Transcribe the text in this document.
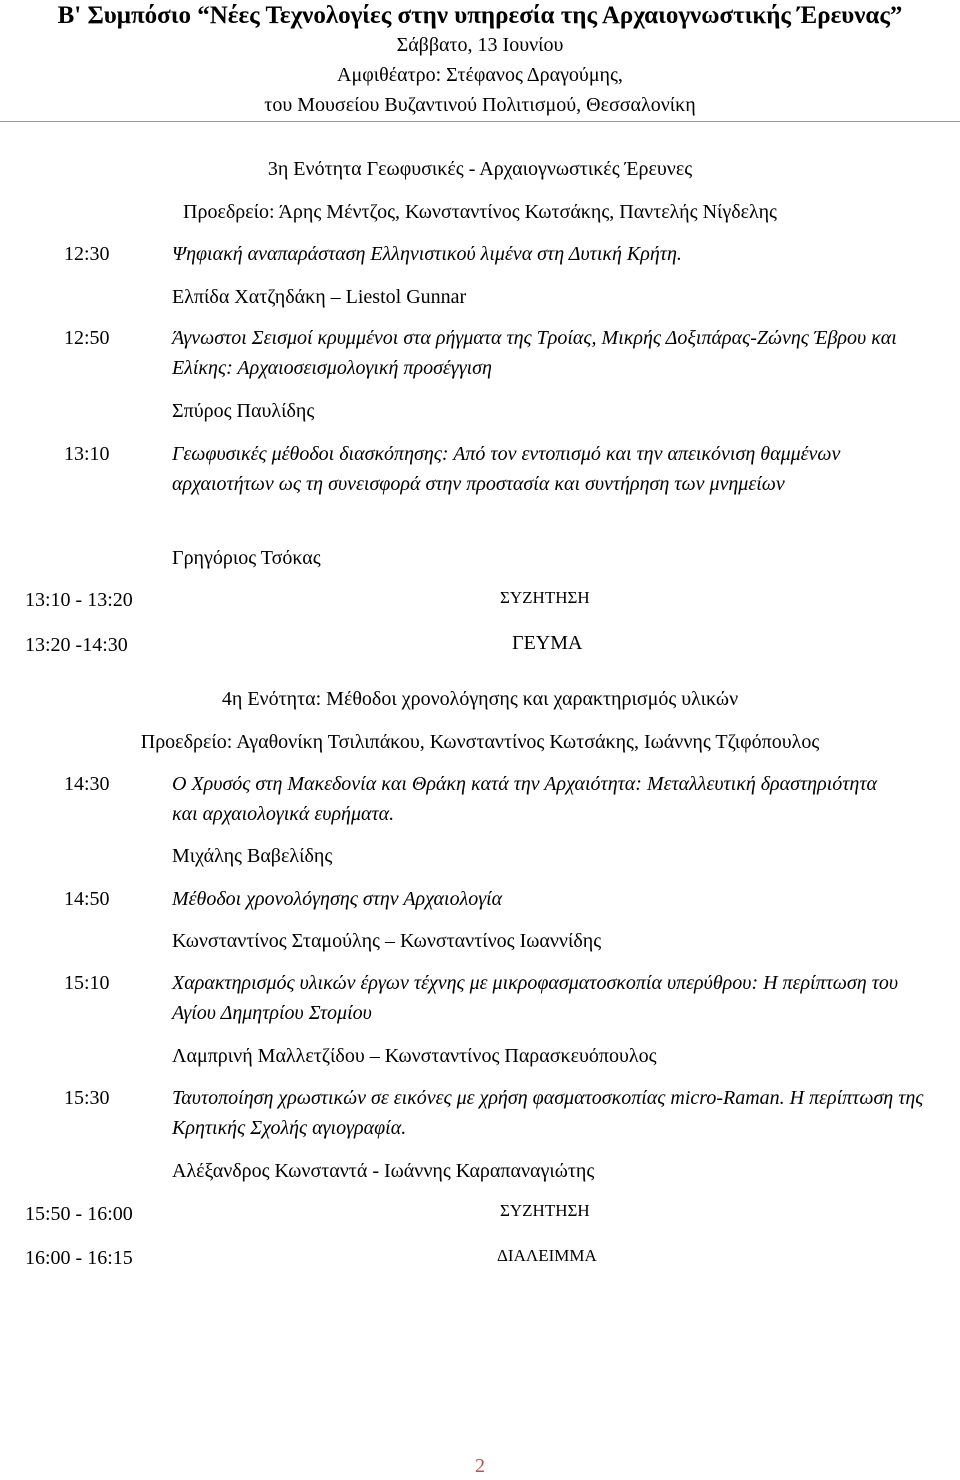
Β' Συμπόσιο “Νέες Τεχνολογίες στην υπηρεσία της Αρχαιογνωστικής Έρευνας”
Σάββατο, 13 Ιουνίου
Αμφιθέατρο: Στέφανος Δραγούμης,
του Μουσείου Βυζαντινού Πολιτισμού, Θεσσαλονίκη
3η Ενότητα Γεωφυσικές - Αρχαιογνωστικές Έρευνες
Προεδρείο: Άρης Μέντζος, Κωνσταντίνος Κωτσάκης, Παντελής Νίγδελης
12:30	Ψηφιακή αναπαράσταση Ελληνιστικού λιμένα στη Δυτική Κρήτη.
Ελπίδα Χατζηδάκη – Liestol Gunnar
12:50	Άγνωστοι Σεισμοί κρυμμένοι στα ρήγματα της Τροίας, Μικρής Δοξιπάρας-Ζώνης Έβρου και Ελίκης: Αρχαιοσεισμολογική προσέγγιση
Σπύρος Παυλίδης
13:10	Γεωφυσικές μέθοδοι διασκόπησης: Από τον εντοπισμό και την απεικόνιση θαμμένων αρχαιοτήτων ως τη συνεισφορά στην προστασία και συντήρηση των μνημείων
Γρηγόριος Τσόκας
13:10 - 13:20	ΣΥΖΗΤΗΣΗ
13:20 -14:30	ΓΕΥΜΑ
4η Ενότητα: Μέθοδοι χρονολόγησης και χαρακτηρισμός υλικών
Προεδρείο: Αγαθονίκη Τσιλιπάκου, Κωνσταντίνος Κωτσάκης, Ιωάννης Τζιφόπουλος
14:30	Ο Χρυσός στη Μακεδονία και Θράκη κατά την Αρχαιότητα: Μεταλλευτική δραστηριότητα και αρχαιολογικά ευρήματα.
Μιχάλης Βαβελίδης
14:50	Μέθοδοι χρονολόγησης στην Αρχαιολογία
Κωνσταντίνος Σταμούλης – Κωνσταντίνος Ιωαννίδης
15:10	Χαρακτηρισμός υλικών έργων τέχνης με μικροφασματοσκοπία υπερύθρου: Η περίπτωση του Αγίου Δημητρίου Στομίου
Λαμπρινή Μαλλετζίδου – Κωνσταντίνος Παρασκευόπουλος
15:30	Ταυτοποίηση χρωστικών σε εικόνες με χρήση φασματοσκοπίας micro-Raman. Η περίπτωση της Κρητικής Σχολής αγιογραφία.
Αλέξανδρος Κωνσταντά - Ιωάννης Καραπαναγιώτης
15:50 - 16:00	ΣΥΖΗΤΗΣΗ
16:00 - 16:15	ΔΙΑΛΕΙΜΜΑ
2
